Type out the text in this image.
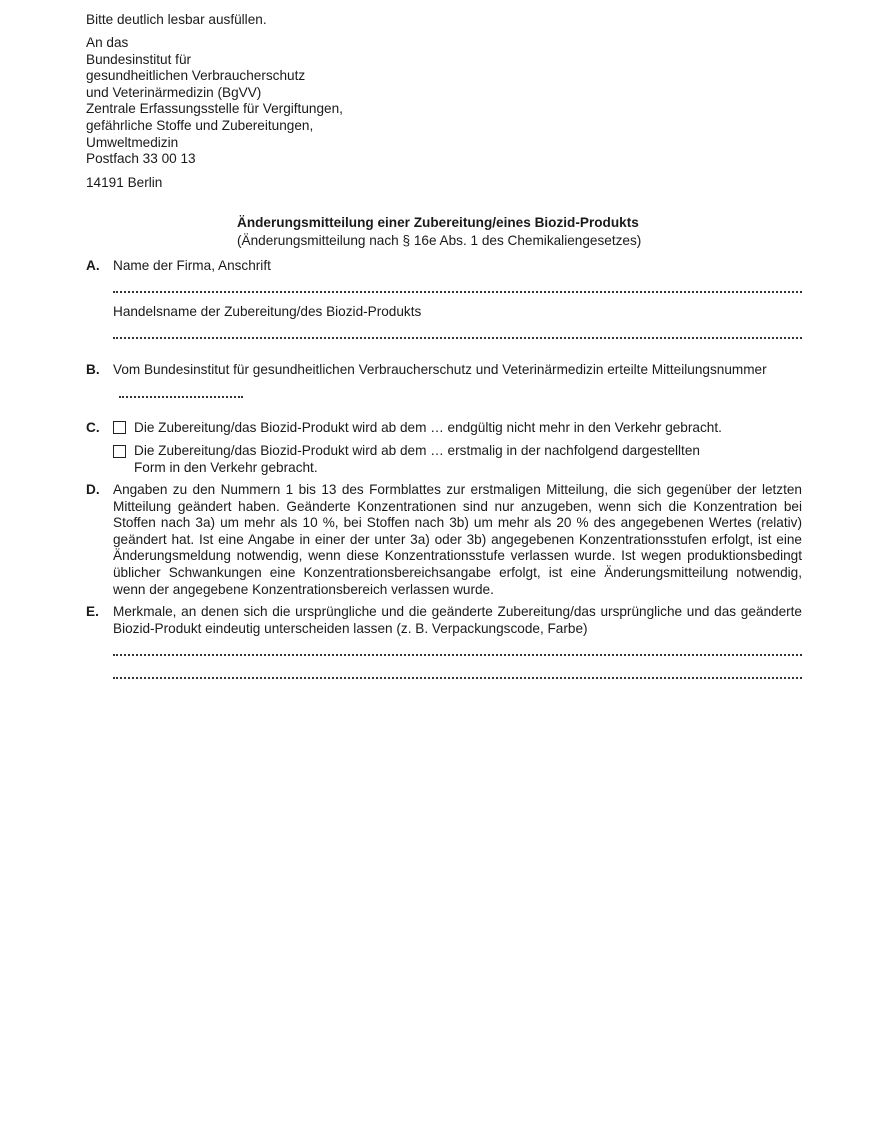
Bitte deutlich lesbar ausfüllen.
An das
Bundesinstitut für
gesundheitlichen Verbraucherschutz
und Veterinärmedizin (BgVV)
Zentrale Erfassungsstelle für Vergiftungen,
gefährliche Stoffe und Zubereitungen,
Umweltmedizin
Postfach 33 00 13
14191 Berlin
Änderungsmitteilung einer Zubereitung/eines Biozid-Produkts
(Änderungsmitteilung nach § 16e Abs. 1 des Chemikaliengesetzes)
A. Name der Firma, Anschrift
Handelsname der Zubereitung/des Biozid-Produkts
B. Vom Bundesinstitut für gesundheitlichen Verbraucherschutz und Veterinärmedizin erteilte Mitteilungsnummer
C.	Die Zubereitung/das Biozid-Produkt wird ab dem … endgültig nicht mehr in den Verkehr gebracht.
Die Zubereitung/das Biozid-Produkt wird ab dem … erstmalig in der nachfolgend dargestellten
Form in den Verkehr gebracht.
D. Angaben zu den Nummern 1 bis 13 des Formblattes zur erstmaligen Mitteilung, die sich gegenüber der letzten Mitteilung geändert haben. Geänderte Konzentrationen sind nur anzugeben, wenn sich die Konzentration bei Stoffen nach 3a) um mehr als 10 %, bei Stoffen nach 3b) um mehr als 20 % des angegebenen Wertes (relativ) geändert hat. Ist eine Angabe in einer der unter 3a) oder 3b) angegebenen Konzentrationsstufen erfolgt, ist eine Änderungsmeldung notwendig, wenn diese Konzentrationsstufe verlassen wurde. Ist wegen produktionsbedingt üblicher Schwankungen eine Konzentrationsbereichsangabe erfolgt, ist eine Änderungsmitteilung notwendig, wenn der angegebene Konzentrationsbereich verlassen wurde.
E. Merkmale, an denen sich die ursprüngliche und die geänderte Zubereitung/das ursprüngliche und das geänderte Biozid-Produkt eindeutig unterscheiden lassen (z. B. Verpackungscode, Farbe)
